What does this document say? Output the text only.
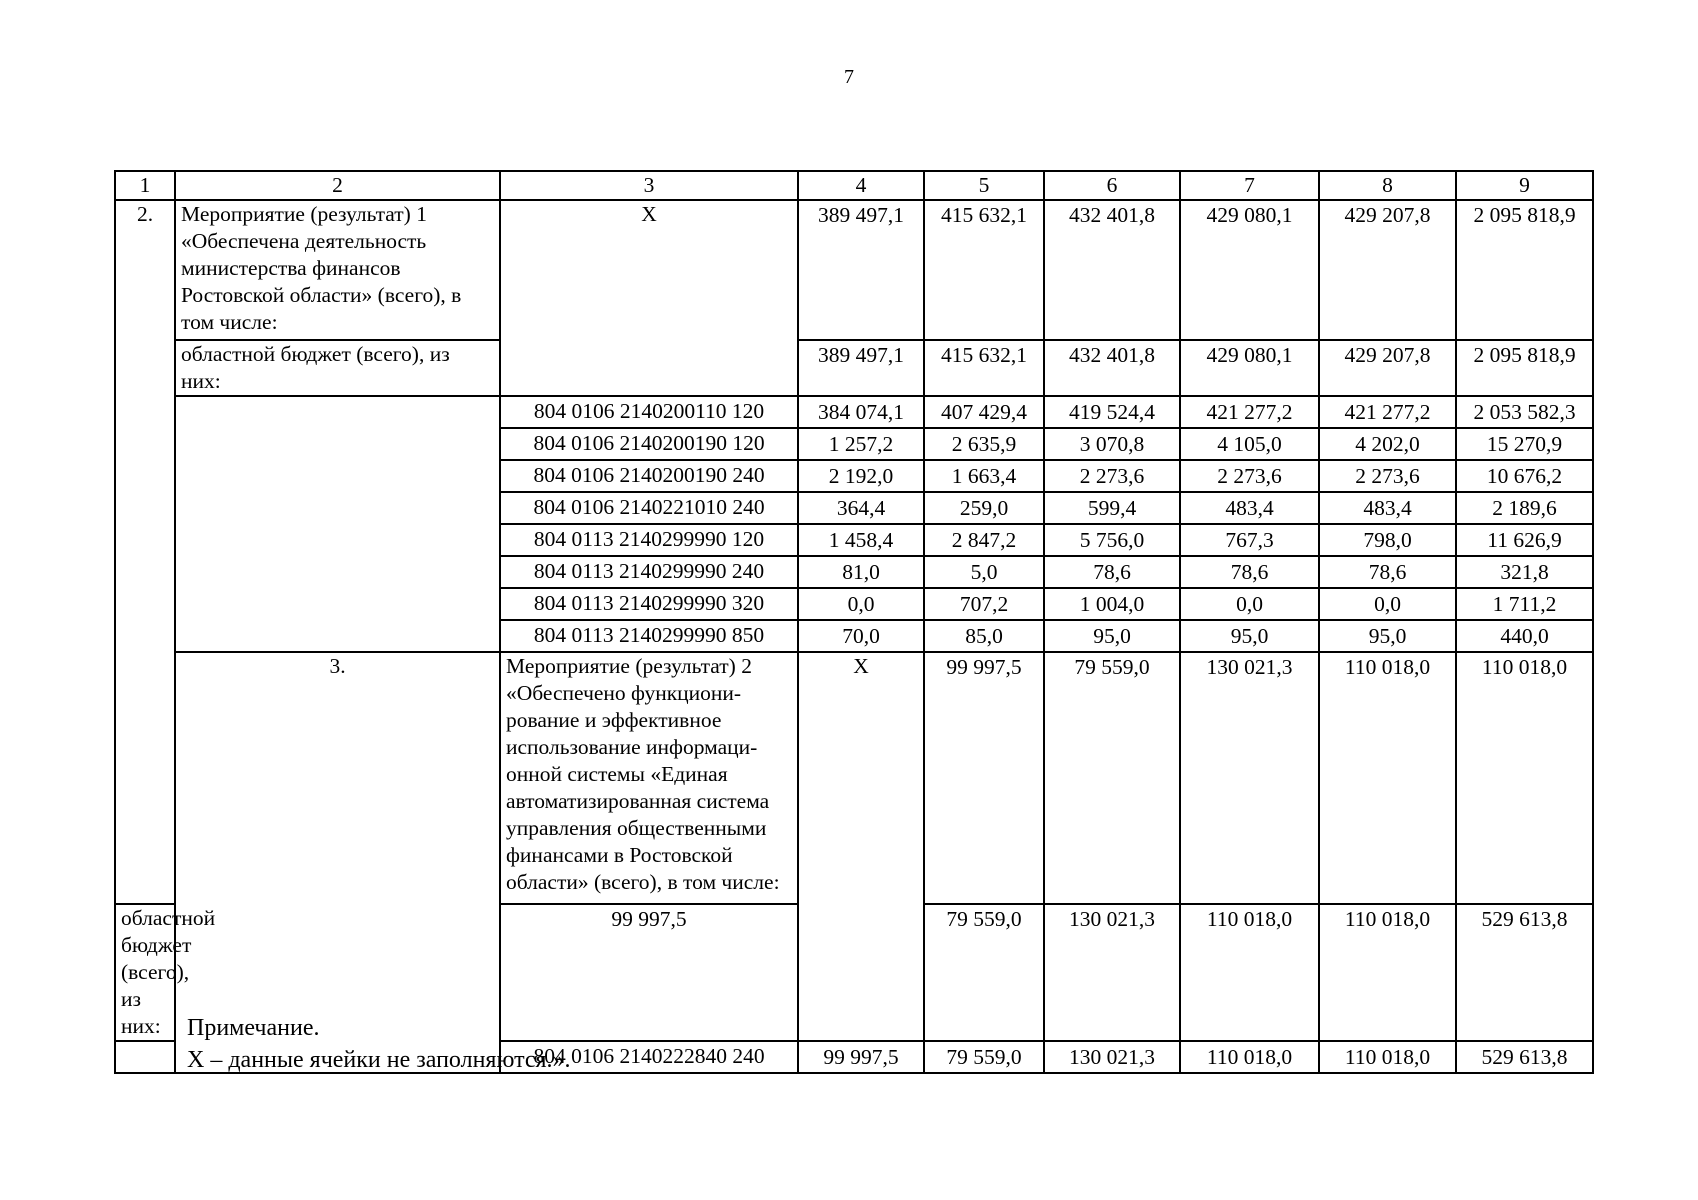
7
1	2	3	4	5	6	7	8	9	
2.	Мероприятие (результат) 1 «Обеспечена деятельность министерства финансов Ростовской области» (всего), в том числе:	Х	389 497,1	415 632,1	432 401,8	429 080,1	429 207,8	2 095 818,9	
	областной бюджет (всего), из них:		389 497,1	415 632,1	432 401,8	429 080,1	429 207,8	2 095 818,9	
		804 0106 2140200110 120	384 074,1	407 429,4	419 524,4	421 277,2	421 277,2	2 053 582,3	
		804 0106 2140200190 120	1 257,2	2 635,9	3 070,8	4 105,0	4 202,0	15 270,9	
		804 0106 2140200190 240	2 192,0	1 663,4	2 273,6	2 273,6	2 273,6	10 676,2	
		804 0106 2140221010 240	364,4	259,0	599,4	483,4	483,4	2 189,6	
		804 0113 2140299990 120	1 458,4	2 847,2	5 756,0	767,3	798,0	11 626,9	
		804 0113 2140299990 240	81,0	5,0	78,6	78,6	78,6	321,8	
		804 0113 2140299990 320	0,0	707,2	1 004,0	0,0	0,0	1 711,2	
		804 0113 2140299990 850	70,0	85,0	95,0	95,0	95,0	440,0	
	3.	Мероприятие (результат) 2 «Обеспечено функциони-рование и эффективное использование информаци-онной системы «Единая автоматизированная система управления общественными финансами в Ростовской области» (всего), в том числе:	Х	99 997,5	79 559,0	130 021,3	110 018,0	110 018,0	
областной бюджет (всего), из них:		99 997,5		79 559,0	130 021,3	110 018,0	110 018,0	529 613,8	
		804 0106 2140222840 240	99 997,5	79 559,0	130 021,3	110 018,0	110 018,0	529 613,8	
Примечание.
Х – данные ячейки не заполняются.».
